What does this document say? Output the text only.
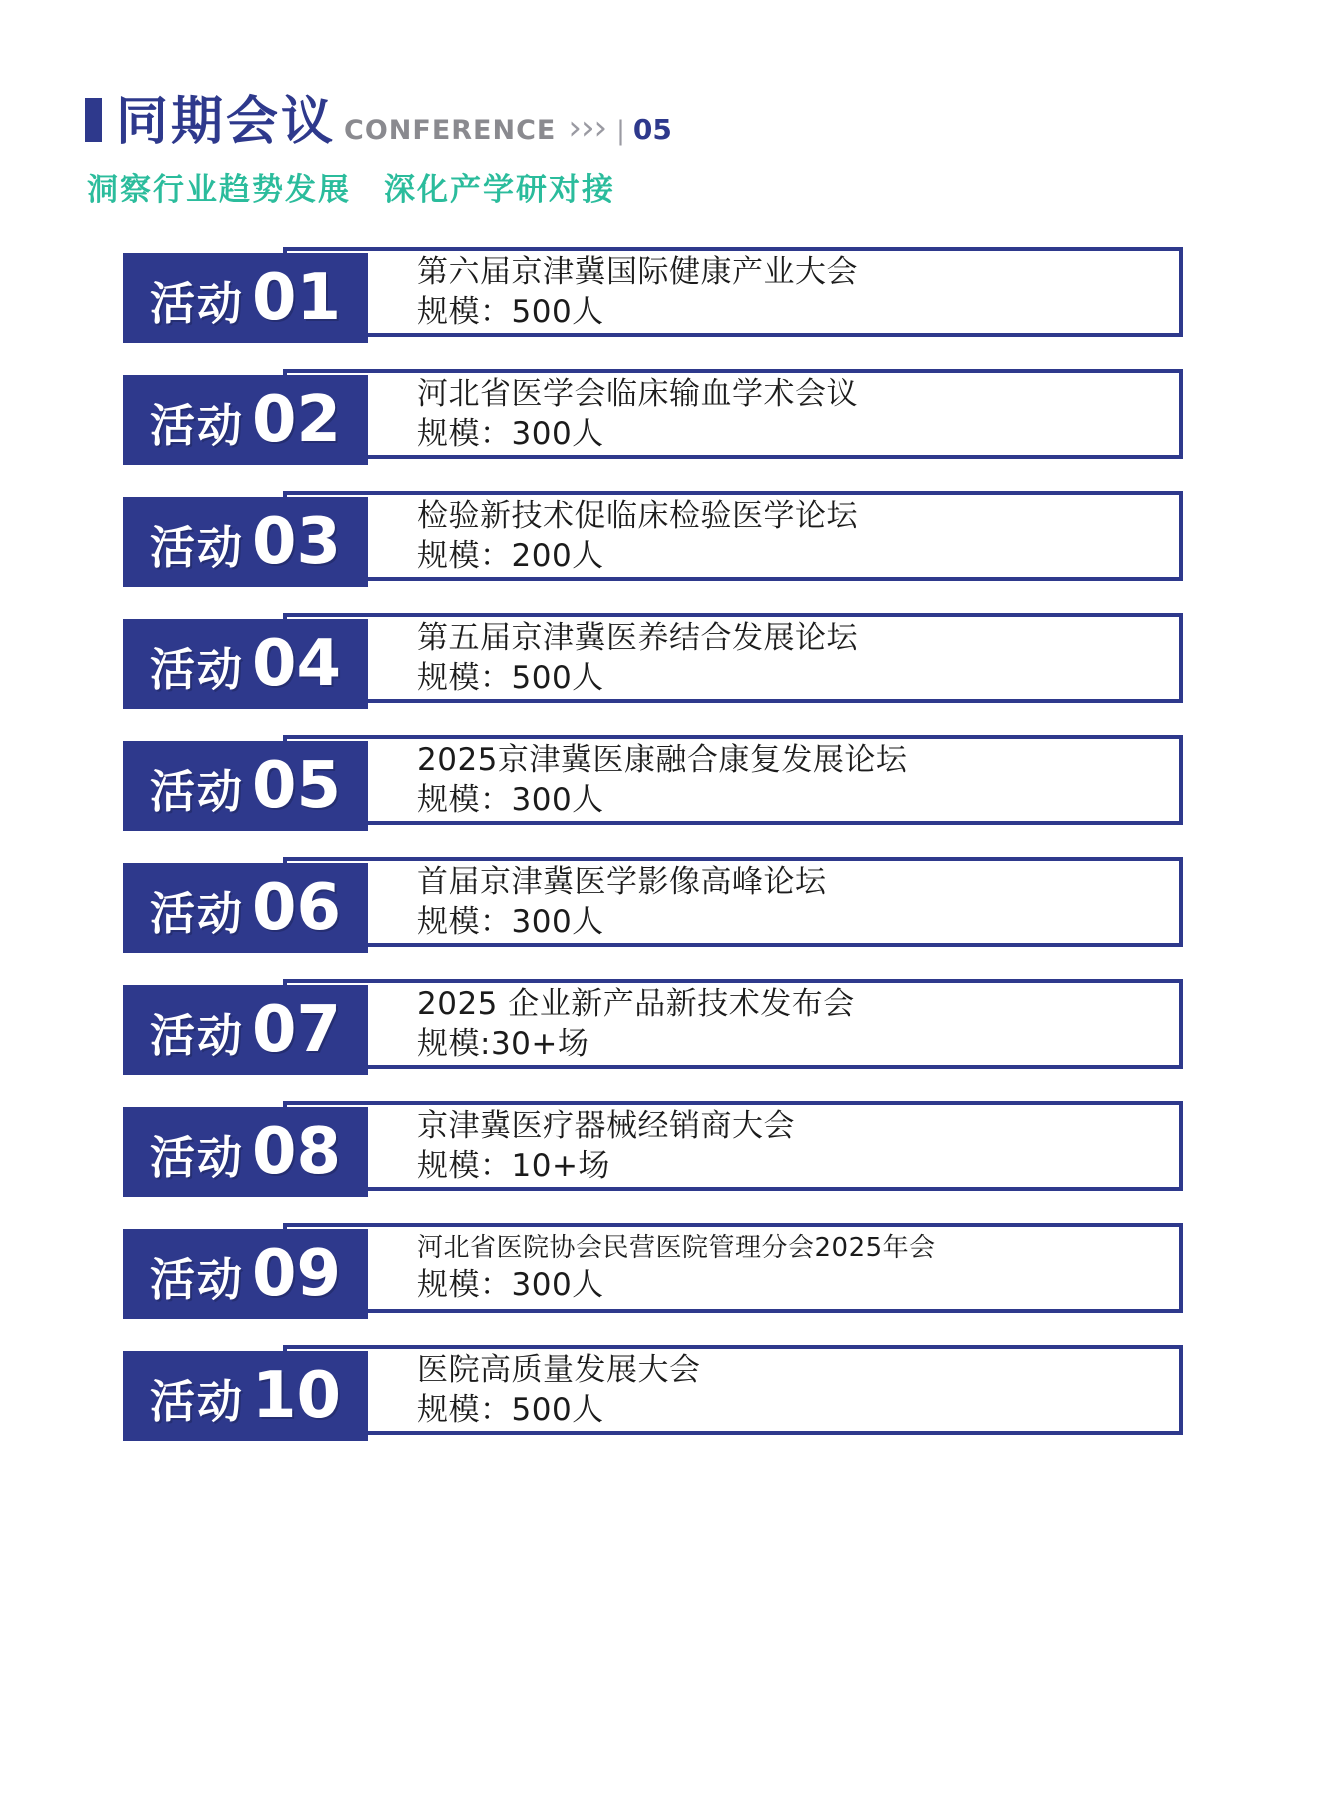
同期会议 CONFERENCE ››› | 05
洞察行业趋势发展　深化产学研对接
第六届京津冀国际健康产业大会
规模：500人
活动 01
河北省医学会临床输血学术会议
规模：300人
活动 02
检验新技术促临床检验医学论坛
规模：200人
活动 03
第五届京津冀医养结合发展论坛
规模：500人
活动 04
2025京津冀医康融合康复发展论坛
规模：300人
活动 05
首届京津冀医学影像高峰论坛
规模：300人
活动 06
2025 企业新产品新技术发布会
规模:30+场
活动 07
京津冀医疗器械经销商大会
规模：10+场
活动 08
河北省医院协会民营医院管理分会2025年会
规模：300人
活动 09
医院高质量发展大会
规模：500人
活动 10
